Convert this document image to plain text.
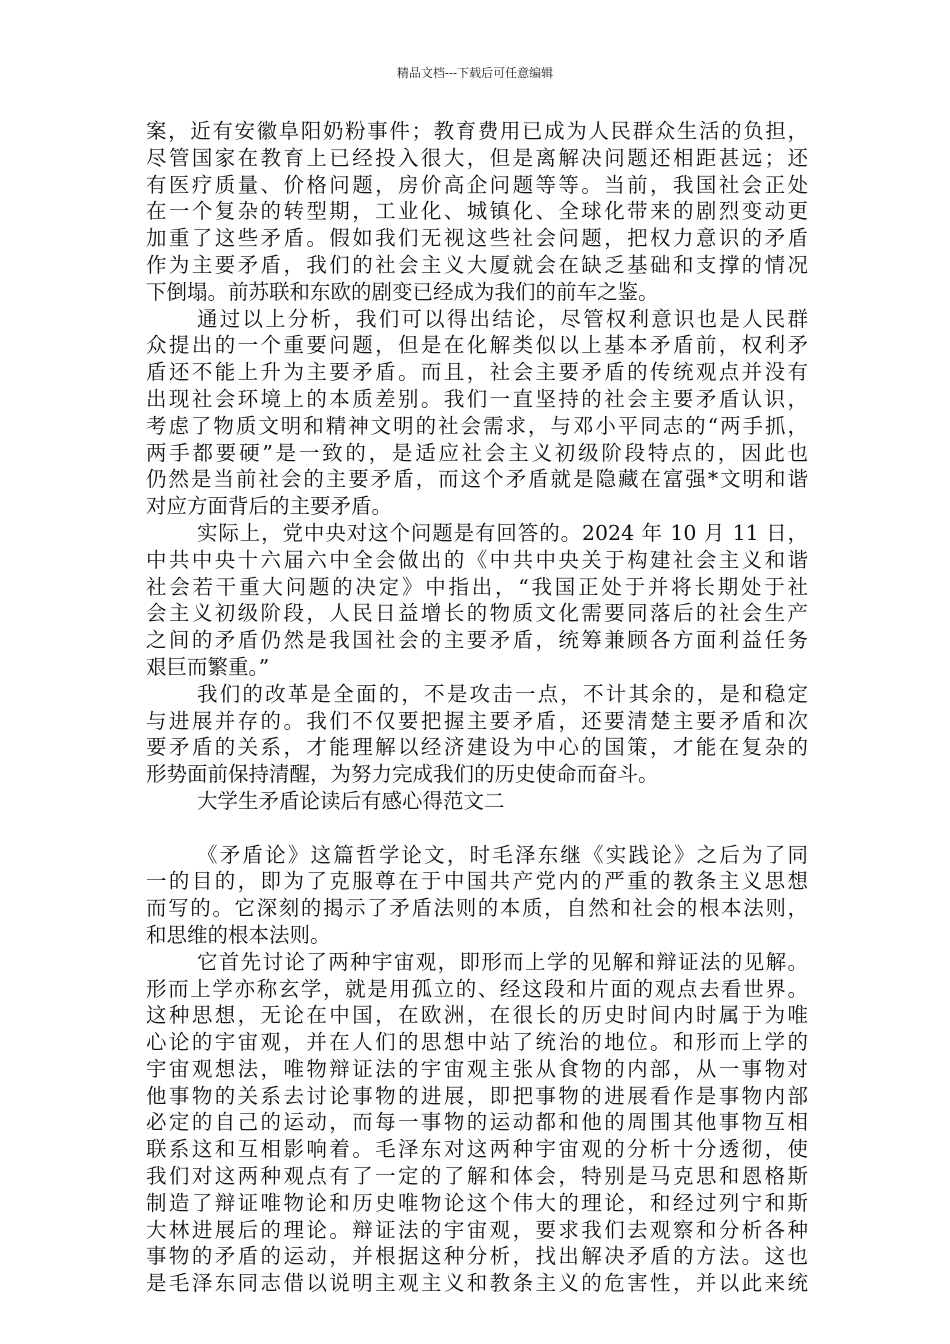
精品文档---下载后可任意编辑
案，近有安徽阜阳奶粉事件；教育费用已成为人民群众生活的负担，
尽管国家在教育上已经投入很大，但是离解决问题还相距甚远；还
有医疗质量、价格问题，房价高企问题等等。当前，我国社会正处
在一个复杂的转型期，工业化、城镇化、全球化带来的剧烈变动更
加重了这些矛盾。假如我们无视这些社会问题，把权力意识的矛盾
作为主要矛盾，我们的社会主义大厦就会在缺乏基础和支撑的情况
下倒塌。前苏联和东欧的剧变已经成为我们的前车之鉴。
通过以上分析，我们可以得出结论，尽管权利意识也是人民群
众提出的一个重要问题，但是在化解类似以上基本矛盾前，权利矛
盾还不能上升为主要矛盾。而且，社会主要矛盾的传统观点并没有
出现社会环境上的本质差别。我们一直坚持的社会主要矛盾认识，
考虑了物质文明和精神文明的社会需求，与邓小平同志的“两手抓，
两手都要硬”是一致的，是适应社会主义初级阶段特点的，因此也
仍然是当前社会的主要矛盾，而这个矛盾就是隐藏在富强*文明和谐
对应方面背后的主要矛盾。
实际上，党中央对这个问题是有回答的。2024 年 10 月 11 日，
中共中央十六届六中全会做出的《中共中央关于构建社会主义和谐
社会若干重大问题的决定》中指出，“我国正处于并将长期处于社
会主义初级阶段，人民日益增长的物质文化需要同落后的社会生产
之间的矛盾仍然是我国社会的主要矛盾，统筹兼顾各方面利益任务
艰巨而繁重。”
我们的改革是全面的，不是攻击一点，不计其余的，是和稳定
与进展并存的。我们不仅要把握主要矛盾，还要清楚主要矛盾和次
要矛盾的关系，才能理解以经济建设为中心的国策，才能在复杂的
形势面前保持清醒，为努力完成我们的历史使命而奋斗。
大学生矛盾论读后有感心得范文二
《矛盾论》这篇哲学论文，时毛泽东继《实践论》之后为了同
一的目的，即为了克服尊在于中国共产党内的严重的教条主义思想
而写的。它深刻的揭示了矛盾法则的本质，自然和社会的根本法则，
和思维的根本法则。
它首先讨论了两种宇宙观，即形而上学的见解和辩证法的见解。
形而上学亦称玄学，就是用孤立的、经这段和片面的观点去看世界。
这种思想，无论在中国，在欧洲，在很长的历史时间内时属于为唯
心论的宇宙观，并在人们的思想中站了统治的地位。和形而上学的
宇宙观想法，唯物辩证法的宇宙观主张从食物的内部，从一事物对
他事物的关系去讨论事物的进展，即把事物的进展看作是事物内部
必定的自己的运动，而每一事物的运动都和他的周围其他事物互相
联系这和互相影响着。毛泽东对这两种宇宙观的分析十分透彻，使
我们对这两种观点有了一定的了解和体会，特别是马克思和恩格斯
制造了辩证唯物论和历史唯物论这个伟大的理论，和经过列宁和斯
大林进展后的理论。辩证法的宇宙观，要求我们去观察和分析各种
事物的矛盾的运动，并根据这种分析，找出解决矛盾的方法。这也
是毛泽东同志借以说明主观主义和教条主义的危害性，并以此来统
